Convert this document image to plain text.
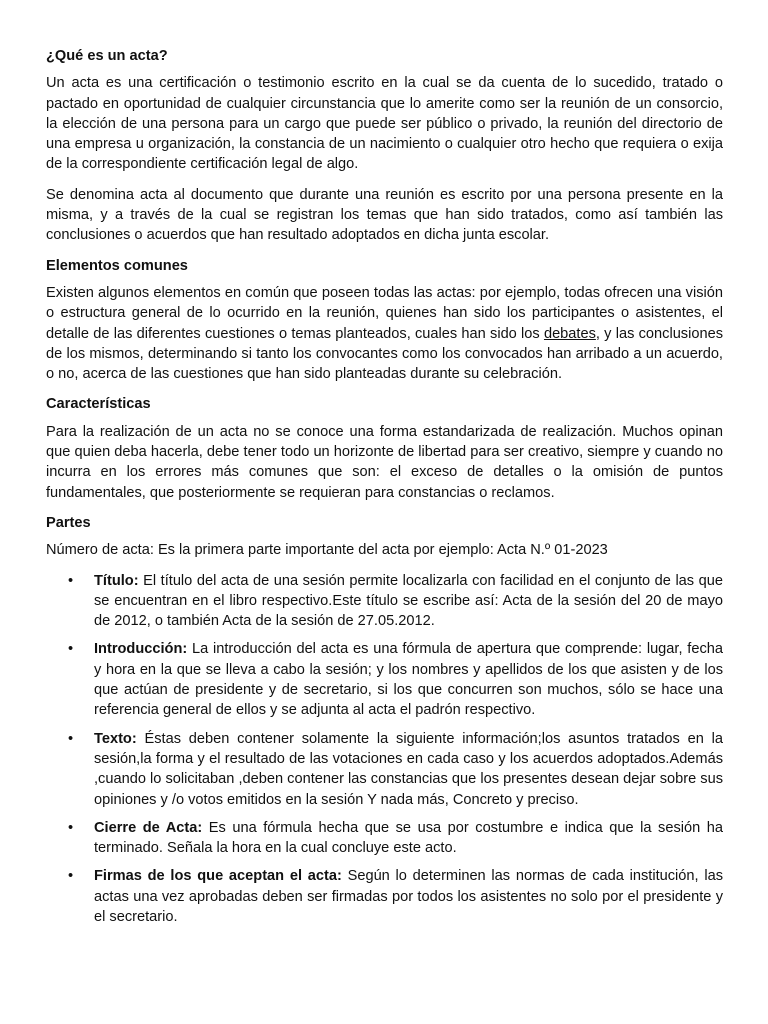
¿Qué es un acta?

Un acta es una certificación o testimonio escrito en la cual se da cuenta de lo sucedido, tratado o pactado en oportunidad de cualquier circunstancia que lo amerite como ser la reunión de un consorcio, la elección de una persona para un cargo que puede ser público o privado, la reunión del directorio de una empresa u organización, la constancia de un nacimiento o cualquier otro hecho que requiera o exija de la correspondiente certificación legal de algo.

Se denomina acta al documento que durante una reunión es escrito por una persona presente en la misma, y a través de la cual se registran los temas que han sido tratados, como así también las conclusiones o acuerdos que han resultado adoptados en dicha junta escolar.

Elementos comunes

Existen algunos elementos en común que poseen todas las actas: por ejemplo, todas ofrecen una visión o estructura general de lo ocurrido en la reunión, quienes han sido los participantes o asistentes, el detalle de las diferentes cuestiones o temas planteados, cuales han sido los debates, y las conclusiones de los mismos, determinando si tanto los convocantes como los convocados han arribado a un acuerdo, o no, acerca de las cuestiones que han sido planteadas durante su celebración.

Características

Para la realización de un acta no se conoce una forma estandarizada de realización. Muchos opinan que quien deba hacerla, debe tener todo un horizonte de libertad para ser creativo, siempre y cuando no incurra en los errores más comunes que son: el exceso de detalles o la omisión de puntos fundamentales, que posteriormente se requieran para constancias o reclamos.

Partes

Número de acta: Es la primera parte importante del acta por ejemplo: Acta N.º 01-2023

• Título: El título del acta de una sesión permite localizarla con facilidad en el conjunto de las que se encuentran en el libro respectivo.Este título se escribe así: Acta de la sesión del 20 de mayo de 2012, o también Acta de la sesión de 27.05.2012.
• Introducción: La introducción del acta es una fórmula de apertura que comprende: lugar, fecha y hora en la que se lleva a cabo la sesión; y los nombres y apellidos de los que asisten y de los que actúan de presidente y de secretario, si los que concurren son muchos, sólo se hace una referencia general de ellos y se adjunta al acta el padrón respectivo.
• Texto: Éstas deben contener solamente la siguiente información;los asuntos tratados en la sesión,la forma y el resultado de las votaciones en cada caso y los acuerdos adoptados.Además ,cuando lo solicitaban ,deben contener las constancias que los presentes desean dejar sobre sus opiniones y /o votos emitidos en la sesión Y nada más, Concreto y preciso.
• Cierre de Acta: Es una fórmula hecha que se usa por costumbre e indica que la sesión ha terminado. Señala la hora en la cual concluye este acto.
• Firmas de los que aceptan el acta: Según lo determinen las normas de cada institución, las actas una vez aprobadas deben ser firmadas por todos los asistentes no solo por el presidente y el secretario.
